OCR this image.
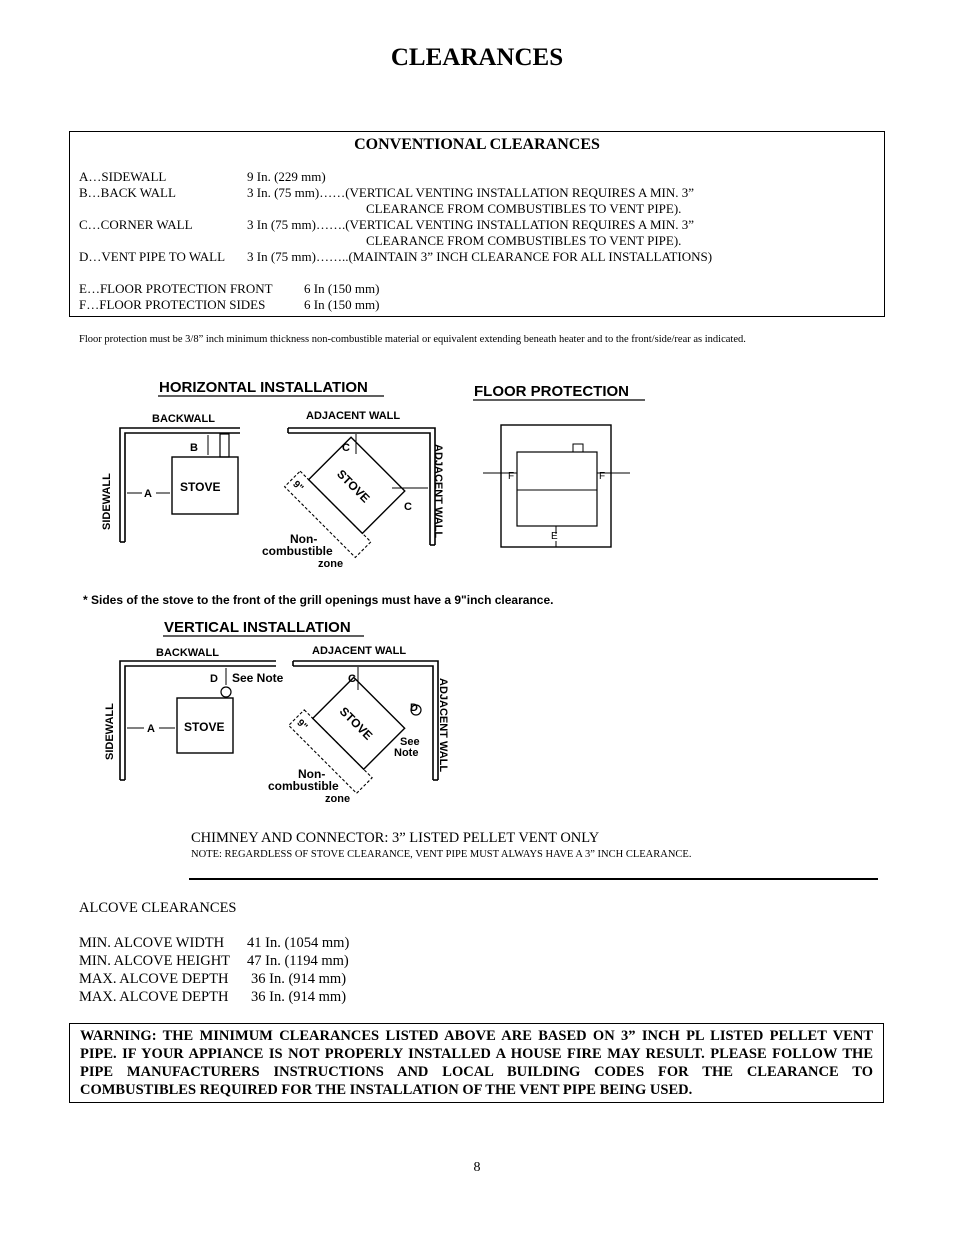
CLEARANCES
CONVENTIONAL CLEARANCES
A…SIDEWALL	9 In. (229 mm)
B…BACK WALL	3 In. (75 mm)……(VERTICAL VENTING INSTALLATION REQUIRES A MIN. 3”
CLEARANCE FROM COMBUSTIBLES TO VENT PIPE).
C…CORNER WALL	3 In (75 mm)…….(VERTICAL VENTING INSTALLATION REQUIRES A MIN. 3”
CLEARANCE FROM COMBUSTIBLES TO VENT PIPE).
D…VENT PIPE TO WALL 3 In (75 mm)……..(MAINTAIN 3” INCH CLEARANCE FOR ALL INSTALLATIONS)
E…FLOOR PROTECTION FRONT 6 In (150 mm)
F…FLOOR PROTECTION SIDES	6 In (150 mm)
Floor protection must be 3/8” inch minimum thickness non-combustible material or equivalent extending beneath heater and to the front/side/rear as indicated.
HORIZONTAL INSTALLATION
BACKWALL	ADJACENT WALL
SIDEWALL	STOVE
B
A	STOVE
9"
C
C
Non-
combustible
zone
ADJACENT WALL
FLOOR PROTECTION
F	F
E
* Sides of the stove to the front of the grill openings must have a 9"inch clearance.
VERTICAL INSTALLATION
BACKWALL	ADJACENT WALL
SIDEWALL	STOVE
D See Note
A	STOVE
9"
D
See
Note
C
Non-
combustible
zone
ADJACENT WALL
CHIMNEY AND CONNECTOR: 3” LISTED PELLET VENT ONLY
NOTE: REGARDLESS OF STOVE CLEARANCE, VENT PIPE MUST ALWAYS HAVE A 3” INCH CLEARANCE.
ALCOVE CLEARANCES
MIN. ALCOVE WIDTH 41 In. (1054 mm)
MIN. ALCOVE HEIGHT 47 In. (1194 mm)
MAX. ALCOVE DEPTH 36 In. (914 mm)
MAX. ALCOVE DEPTH 36 In. (914 mm)
WARNING: THE MINIMUM CLEARANCES LISTED ABOVE ARE BASED ON 3” INCH PL LISTED PELLET VENT PIPE. IF YOUR APPIANCE IS NOT PROPERLY INSTALLED A HOUSE FIRE MAY RESULT. PLEASE FOLLOW THE PIPE MANUFACTURERS INSTRUCTIONS AND LOCAL BUILDING CODES FOR THE CLEARANCE TO COMBUSTIBLES REQUIRED FOR THE INSTALLATION OF THE VENT PIPE BEING USED.
8
